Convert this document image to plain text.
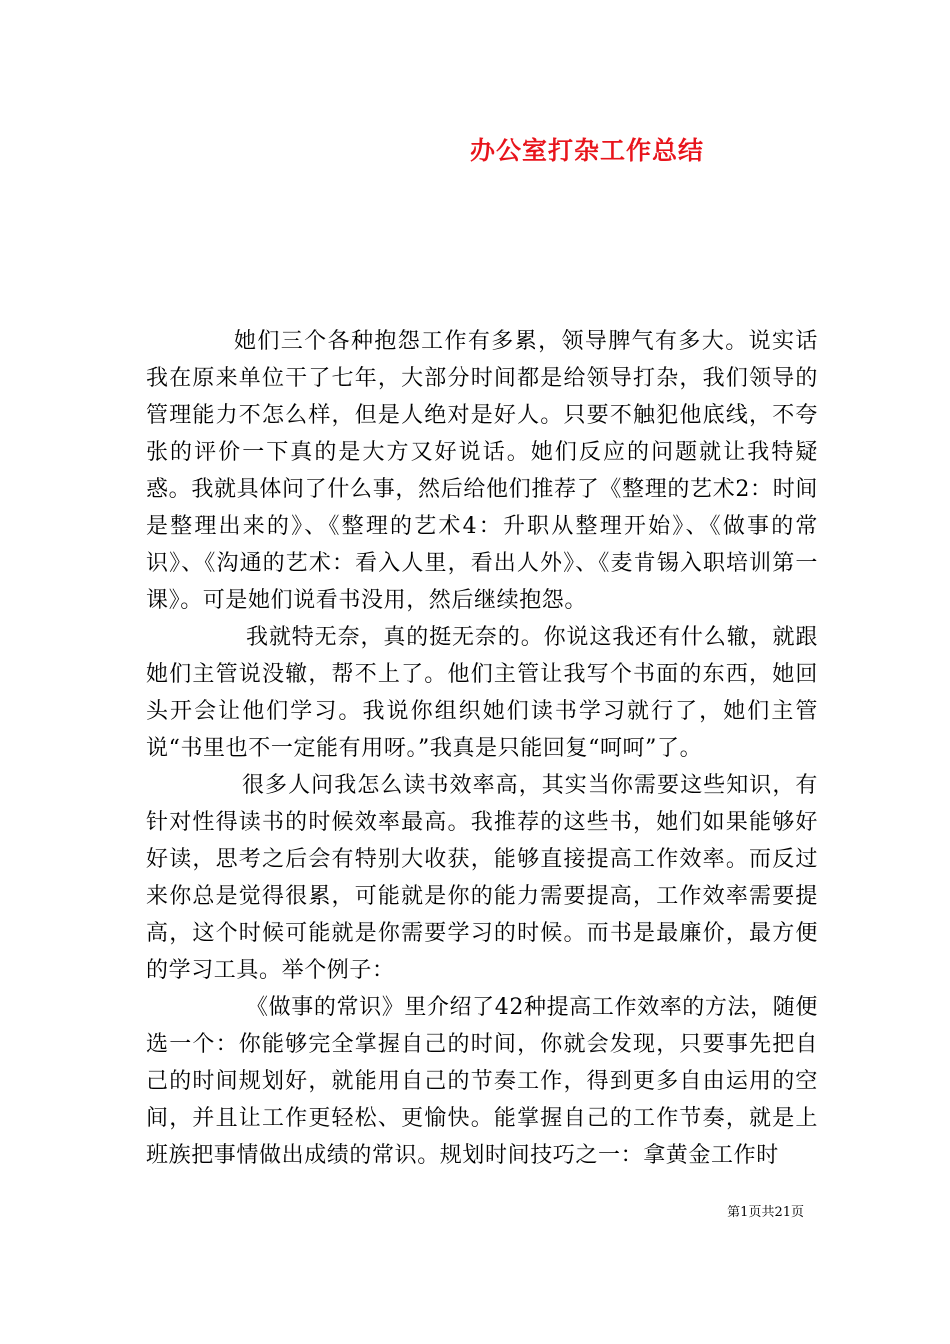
办公室打杂工作总结

她们三个各种抱怨工作有多累，领导脾气有多大。说实话我在原来单位干了七年，大部分时间都是给领导打杂，我们领导的管理能力不怎么样，但是人绝对是好人。只要不触犯他底线，不夸张的评价一下真的是大方又好说话。她们反应的问题就让我特疑惑。我就具体问了什么事，然后给他们推荐了《整理的艺术2：时间是整理出来的》、《整理的艺术4：升职从整理开始》、《做事的常识》、《沟通的艺术：看入人里，看出人外》、《麦肯锡入职培训第一课》。可是她们说看书没用，然后继续抱怨。

我就特无奈，真的挺无奈的。你说这我还有什么辙，就跟她们主管说没辙，帮不上了。他们主管让我写个书面的东西，她回头开会让他们学习。我说你组织她们读书学习就行了，她们主管说“书里也不一定能有用呀。”我真是只能回复“呵呵”了。

很多人问我怎么读书效率高，其实当你需要这些知识，有针对性得读书的时候效率最高。我推荐的这些书，她们如果能够好好读，思考之后会有特别大收获，能够直接提高工作效率。而反过来你总是觉得很累，可能就是你的能力需要提高，工作效率需要提高，这个时候可能就是你需要学习的时候。而书是最廉价，最方便的学习工具。举个例子：

《做事的常识》里介绍了42种提高工作效率的方法，随便选一个：你能够完全掌握自己的时间，你就会发现，只要事先把自己的时间规划好，就能用自己的节奏工作，得到更多自由运用的空间，并且让工作更轻松、更愉快。能掌握自己的工作节奏，就是上班族把事情做出成绩的常识。规划时间技巧之一：拿黄金工作时

第1页共21页
